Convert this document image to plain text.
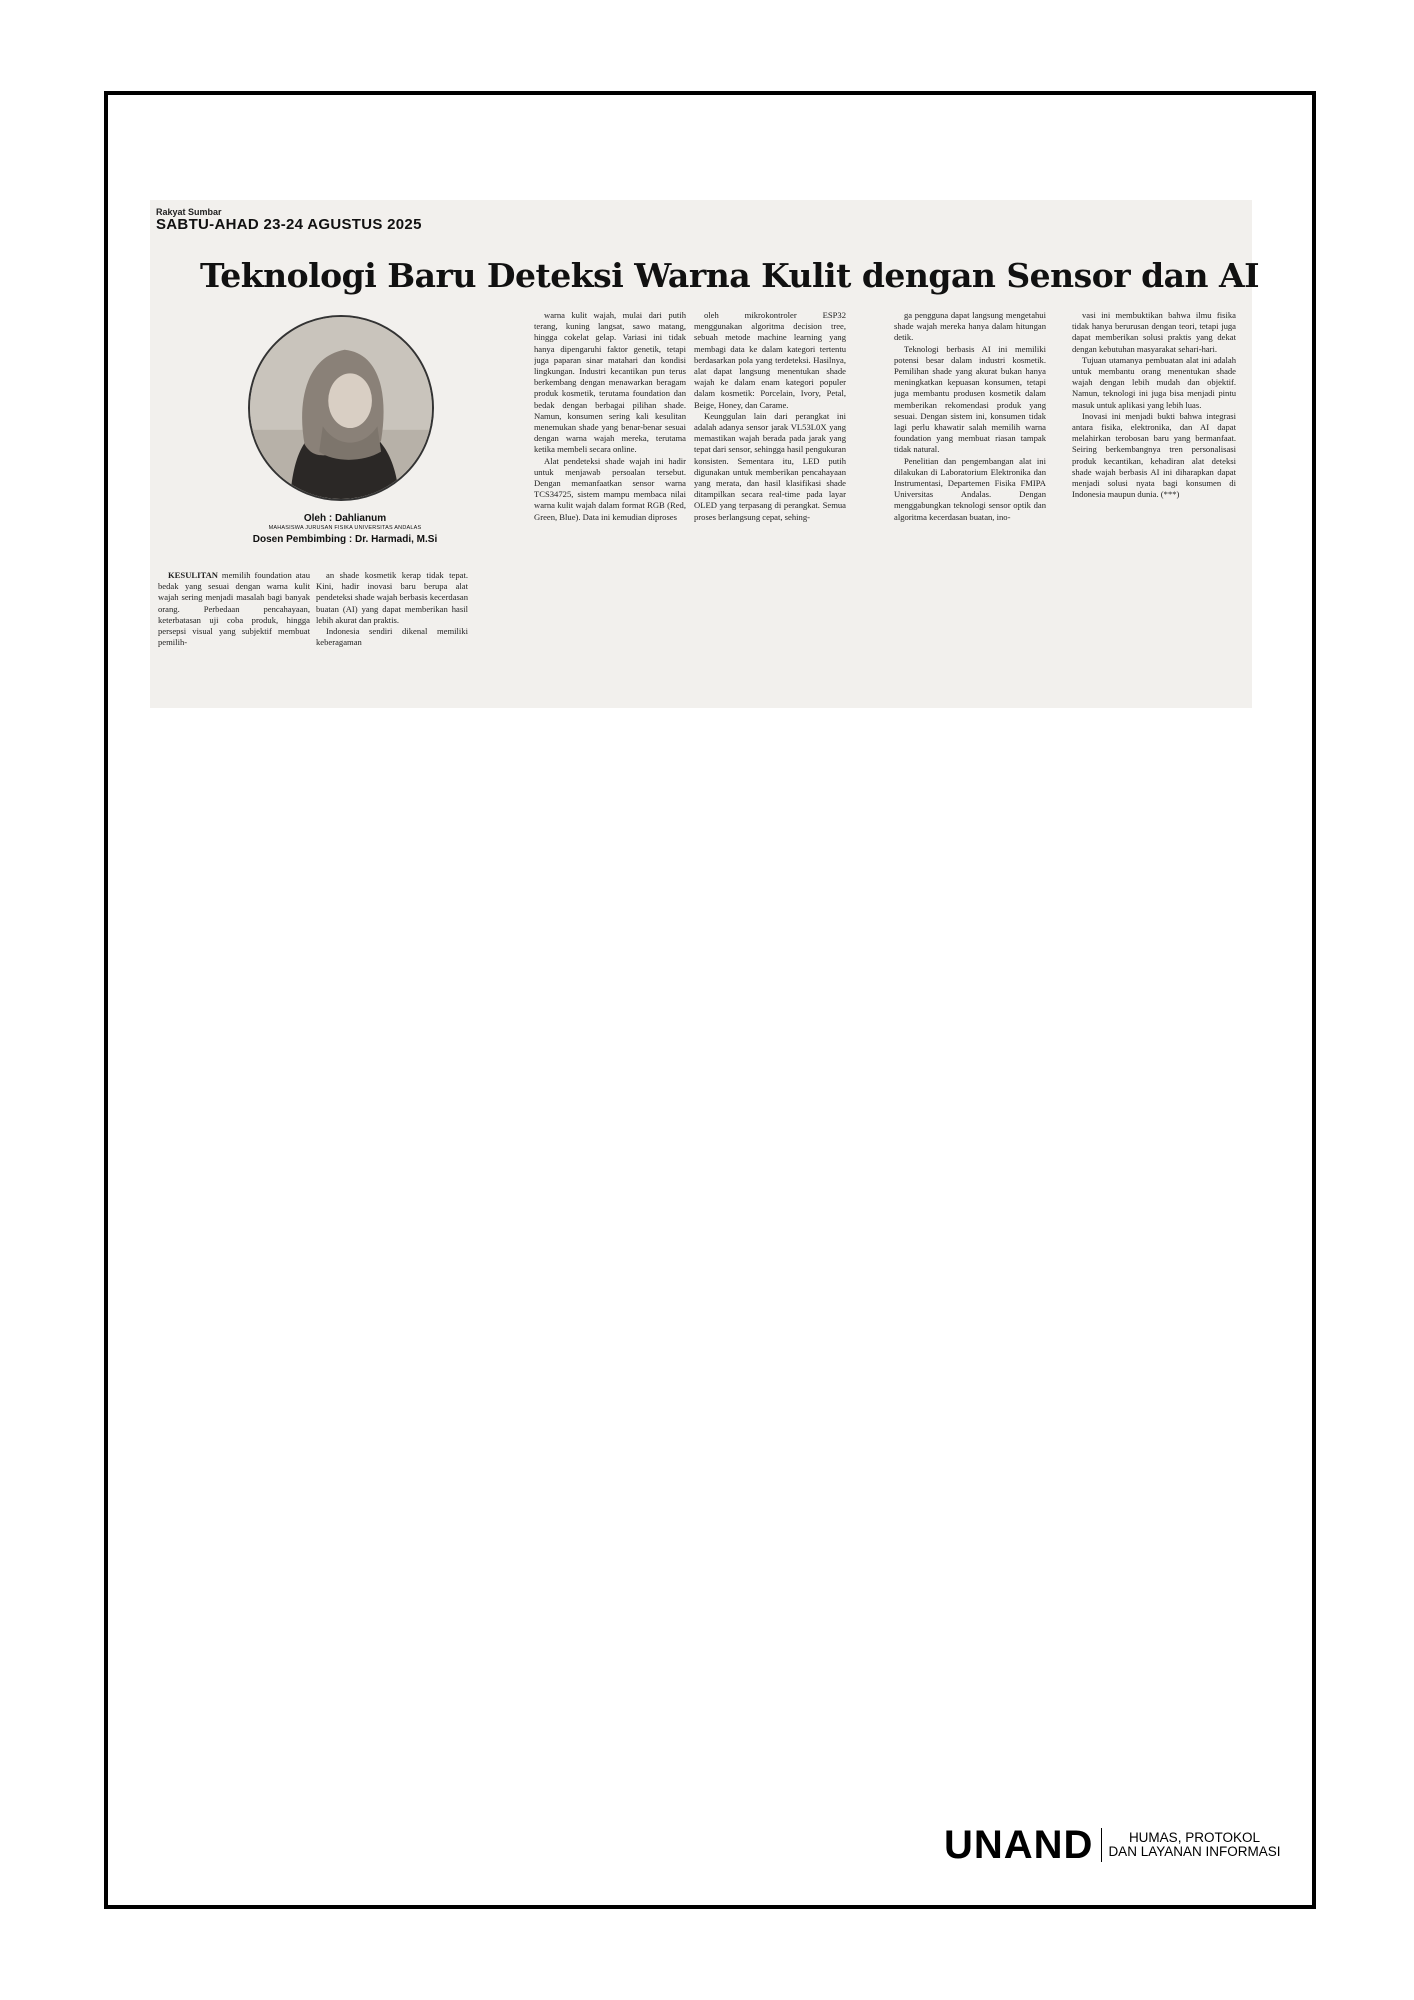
Rakyat Sumbar
SABTU-AHAD 23-24 AGUSTUS 2025
Teknologi Baru Deteksi Warna Kulit dengan Sensor dan AI
Oleh : Dahlianum
MAHASISWA JURUSAN FISIKA UNIVERSITAS ANDALAS
Dosen Pembimbing : Dr. Harmadi, M.Si

KESULITAN memilih foundation atau bedak yang sesuai dengan warna kulit wajah sering menjadi masalah bagi banyak orang. Perbedaan pencahayaan, keterbatasan uji coba produk, hingga persepsi visual yang subjektif membuat pemilih-

an shade kosmetik kerap tidak tepat. Kini, hadir inovasi baru berupa alat pendeteksi shade wajah berbasis kecerdasan buatan (AI) yang dapat memberikan hasil lebih akurat dan praktis.

Indonesia sendiri dikenal memiliki keberagaman

warna kulit wajah, mulai dari putih terang, kuning langsat, sawo matang, hingga cokelat gelap. Variasi ini tidak hanya dipengaruhi faktor genetik, tetapi juga paparan sinar matahari dan kondisi lingkungan. Industri kecantikan pun terus berkembang dengan menawarkan beragam produk kosmetik, terutama foundation dan bedak dengan berbagai pilihan shade. Namun, konsumen sering kali kesulitan menemukan shade yang benar-benar sesuai dengan warna wajah mereka, terutama ketika membeli secara online.

Alat pendeteksi shade wajah ini hadir untuk menjawab persoalan tersebut. Dengan memanfaatkan sensor warna TCS34725, sistem mampu membaca nilai warna kulit wajah dalam format RGB (Red, Green, Blue). Data ini kemudian diproses

oleh mikrokontroler ESP32 menggunakan algoritma decision tree, sebuah metode machine learning yang membagi data ke dalam kategori tertentu berdasarkan pola yang terdeteksi. Hasilnya, alat dapat langsung menentukan shade wajah ke dalam enam kategori populer dalam kosmetik: Porcelain, Ivory, Petal, Beige, Honey, dan Carame.

Keunggulan lain dari perangkat ini adalah adanya sensor jarak VL53L0X yang memastikan wajah berada pada jarak yang tepat dari sensor, sehingga hasil pengukuran konsisten. Sementara itu, LED putih digunakan untuk memberikan pencahayaan yang merata, dan hasil klasifikasi shade ditampilkan secara real-time pada layar OLED yang terpasang di perangkat. Semua proses berlangsung cepat, sehing-

ga pengguna dapat langsung mengetahui shade wajah mereka hanya dalam hitungan detik.

Teknologi berbasis AI ini memiliki potensi besar dalam industri kosmetik. Pemilihan shade yang akurat bukan hanya meningkatkan kepuasan konsumen, tetapi juga membantu produsen kosmetik dalam memberikan rekomendasi produk yang sesuai. Dengan sistem ini, konsumen tidak lagi perlu khawatir salah memilih warna foundation yang membuat riasan tampak tidak natural.

Penelitian dan pengembangan alat ini dilakukan di Laboratorium Elektronika dan Instrumentasi, Departemen Fisika FMIPA Universitas Andalas. Dengan menggabungkan teknologi sensor optik dan algoritma kecerdasan buatan, ino-

vasi ini membuktikan bahwa ilmu fisika tidak hanya berurusan dengan teori, tetapi juga dapat memberikan solusi praktis yang dekat dengan kebutuhan masyarakat sehari-hari.

Tujuan utamanya pembuatan alat ini adalah untuk membantu orang menentukan shade wajah dengan lebih mudah dan objektif. Namun, teknologi ini juga bisa menjadi pintu masuk untuk aplikasi yang lebih luas.

Inovasi ini menjadi bukti bahwa integrasi antara fisika, elektronika, dan AI dapat melahirkan terobosan baru yang bermanfaat. Seiring berkembangnya tren personalisasi produk kecantikan, kehadiran alat deteksi shade wajah berbasis AI ini diharapkan dapat menjadi solusi nyata bagi konsumen di Indonesia maupun dunia. (***)

UNAND	HUMAS, PROTOKOL
DAN LAYANAN INFORMASI
